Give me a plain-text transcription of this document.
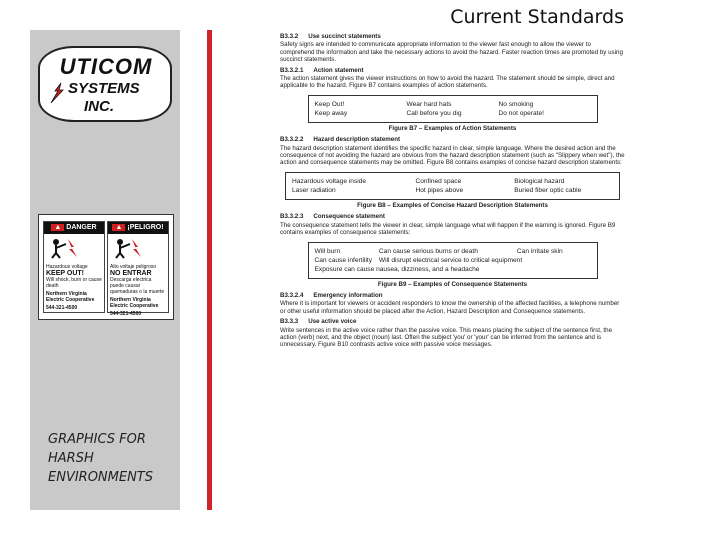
Current Standards
UTICOM
SYSTEMS
INC.
▲ DANGER
Hazardous voltage
KEEP OUT!
Will shock, burn or cause death
Northern Virginia Electric Cooperative
544-321-4500
▲ ¡PELIGRO!
Alto voltaje peligroso
NO ENTRAR
Descarga electrica puede causar quemaduras o la muerte
Northern Virginia Electric Cooperative
544-321-4500
GRAPHICS FOR
HARSH
ENVIRONMENTS
B3.3.2 Use succinct statements

Safety signs are intended to communicate appropriate information to the viewer fast enough to allow the viewer to comprehend the information and take the necessary actions to avoid the hazard. Faster reaction times are promoted by using succinct statements.

B3.3.2.1 Action statement

The action statement gives the viewer instructions on how to avoid the hazard. The statement should be simple, direct and applicable to the hazard. Figure B7 contains examples of action statements.

Keep Out!	Wear hard hats	No smoking
Keep away	Call before you dig	Do not operate!
Figure B7 – Examples of Action Statements
B3.3.2.2 Hazard description statement

The hazard description statement identifies the specific hazard in clear, simple language. Where the desired action and the consequence of not avoiding the hazard are obvious from the hazard description statement (such as "Slippery when wet"), the action and consequence statements may be omitted. Figure B8 contains examples of concise hazard description statements:

Hazardous voltage inside	Confined space	Biological hazard
Laser radiation	Hot pipes above	Buried fiber optic cable
Figure B8 – Examples of Concise Hazard Description Statements
B3.3.2.3 Consequence statement

The consequence statement tells the viewer in clear, simple language what will happen if the warning is ignored. Figure B9 contains examples of consequence statements:

Will burn	Can cause serious burns or death	Can irritate skin
Can cause infertility	Will disrupt electrical service to critical equipment
Exposure can cause nausea, dizziness, and a headache
Figure B9 – Examples of Consequence Statements
B3.3.2.4 Emergency information

Where it is important for viewers or accident responders to know the ownership of the affected facilities, a telephone number or other useful information should be placed after the Action, Hazard Description and Consequence statements.

B3.3.3 Use active voice

Write sentences in the active voice rather than the passive voice. This means placing the subject of the sentence first, the action (verb) next, and the object (noun) last. Often the subject 'you' or 'your' can be inferred from the sentence and is unnecessary. Figure B10 contrasts active voice with passive voice messages.
